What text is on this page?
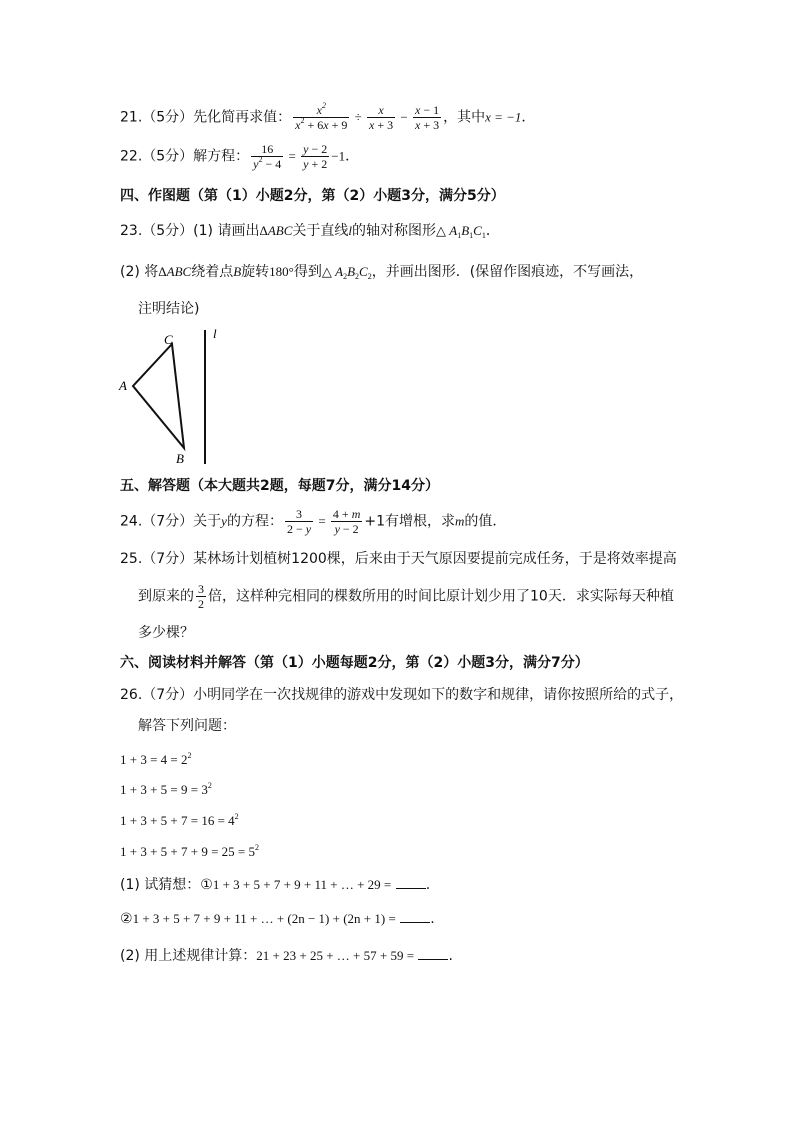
21.（5分）先化简再求值： $\frac{x^2}{x^2 + 6x + 9} \div \frac{x}{x + 3} - \frac{x - 1}{x + 3}$ ，其中x = −1．
22.（5分）解方程： $\frac{16}{y^2 - 4} = \frac{y - 2}{y + 2} -1$．
四、作图题（第（1）小题2分，第（2）小题3分，满分5分）
23.（5分）(1) 请画出ΔABC关于直线l的轴对称图形△ $A_1B_1C_1$．
(2) 将ΔABC绕着点B旋转180°得到△ $A_2B_2C_2$，并画出图形．(保留作图痕迹，不写画法，
注明结论)
C
A
B
l
五、解答题（本大题共2题，每题7分，满分14分）
24.（7分）关于y的方程： $\frac{3}{2 - y} = \frac{4 + m}{y - 2} +1$有增根，求m的值．
25.（7分）某林场计划植树1200棵，后来由于天气原因要提前完成任务，于是将效率提高
到原来的 $\frac{3}{2}$ 倍，这样种完相同的棵数所用的时间比原计划少用了10天．求实际每天种植
多少棵？
六、阅读材料并解答（第（1）小题每题2分，第（2）小题3分，满分7分）
26.（7分）小明同学在一次找规律的游戏中发现如下的数字和规律，请你按照所给的式子，
解答下列问题：
$1 + 3 = 4 = 2^2$
$1 + 3 + 5 = 9 = 3^2$
$1 + 3 + 5 + 7 = 16 = 4^2$
$1 + 3 + 5 + 7 + 9 = 25 = 5^2$
(1) 试猜想：①1 + 3 + 5 + 7 + 9 + 11 + … + 29 = .
②1 + 3 + 5 + 7 + 9 + 11 + … + (2n − 1) + (2n + 1) = .
(2) 用上述规律计算：21 + 23 + 25 + … + 57 + 59 = .
